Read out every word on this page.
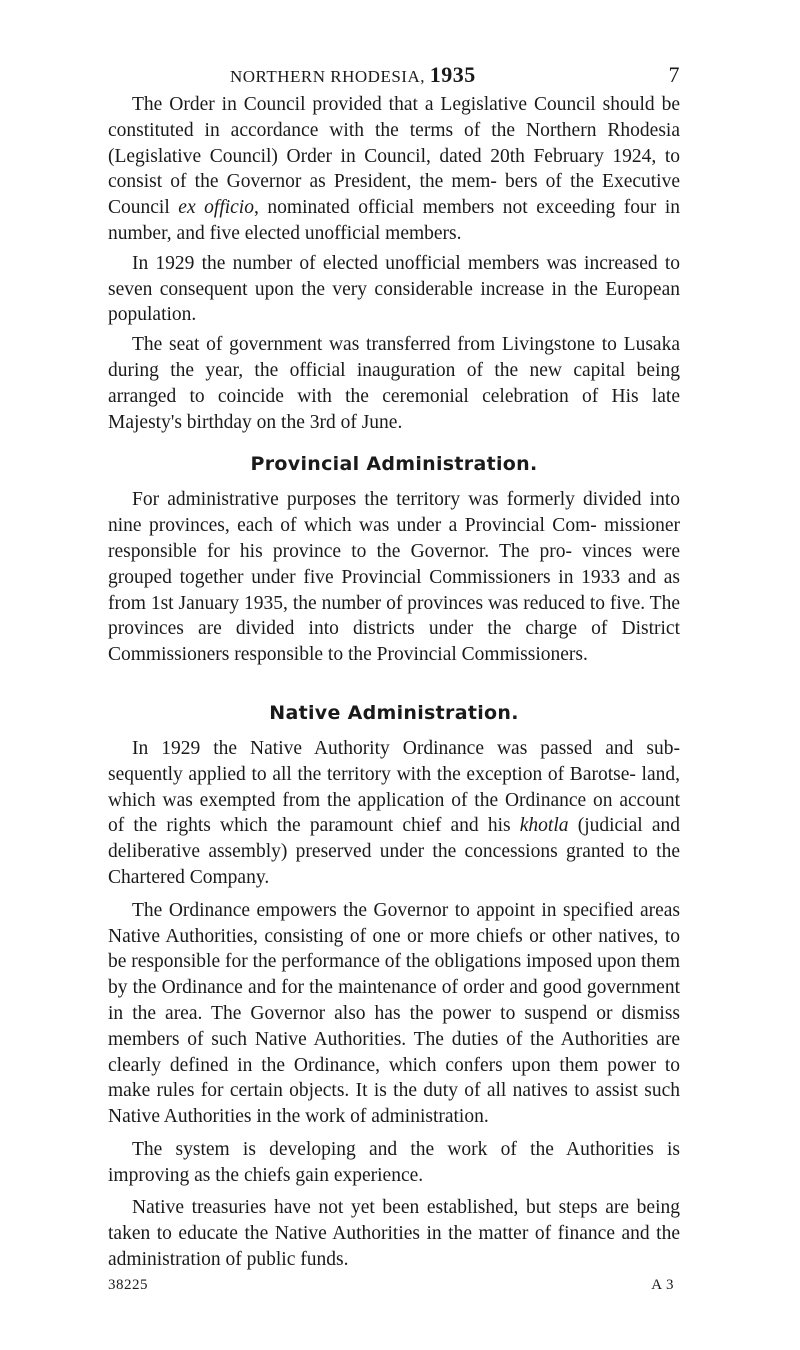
NORTHERN RHODESIA, 1935	7

The Order in Council provided that a Legislative Council should be constituted in accordance with the terms of the Northern Rhodesia (Legislative Council) Order in Council, dated 20th February 1924, to consist of the Governor as President, the mem- bers of the Executive Council ex officio, nominated official members not exceeding four in number, and five elected unofficial members.

In 1929 the number of elected unofficial members was increased to seven consequent upon the very considerable increase in the European population.

The seat of government was transferred from Livingstone to Lusaka during the year, the official inauguration of the new capital being arranged to coincide with the ceremonial celebration of His late Majesty's birthday on the 3rd of June.

Provincial Administration.

For administrative purposes the territory was formerly divided into nine provinces, each of which was under a Provincial Com- missioner responsible for his province to the Governor. The pro- vinces were grouped together under five Provincial Commissioners in 1933 and as from 1st January 1935, the number of provinces was reduced to five. The provinces are divided into districts under the charge of District Commissioners responsible to the Provincial Commissioners.

Native Administration.

In 1929 the Native Authority Ordinance was passed and sub- sequently applied to all the territory with the exception of Barotse- land, which was exempted from the application of the Ordinance on account of the rights which the paramount chief and his khotla (judicial and deliberative assembly) preserved under the concessions granted to the Chartered Company.

The Ordinance empowers the Governor to appoint in specified areas Native Authorities, consisting of one or more chiefs or other natives, to be responsible for the performance of the obligations imposed upon them by the Ordinance and for the maintenance of order and good government in the area. The Governor also has the power to suspend or dismiss members of such Native Authorities. The duties of the Authorities are clearly defined in the Ordinance, which confers upon them power to make rules for certain objects. It is the duty of all natives to assist such Native Authorities in the work of administration.

The system is developing and the work of the Authorities is improving as the chiefs gain experience.

Native treasuries have not yet been established, but steps are being taken to educate the Native Authorities in the matter of finance and the administration of public funds.

38225	A 3
